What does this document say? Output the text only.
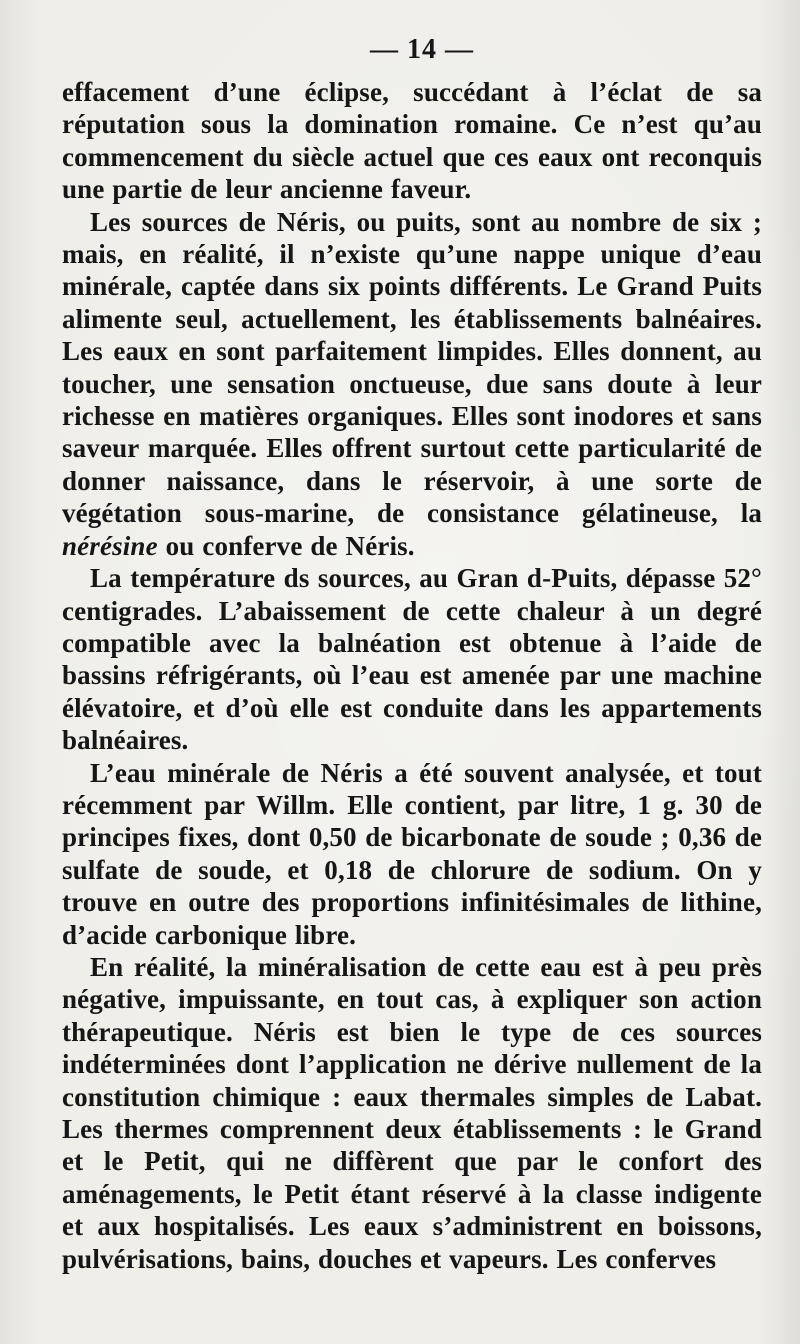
— 14 —

effacement d’une éclipse, succédant à l’éclat de sa réputation sous la domination romaine. Ce n’est qu’au commencement du siècle actuel que ces eaux ont reconquis une partie de leur ancienne faveur.

Les sources de Néris, ou puits, sont au nombre de six ; mais, en réalité, il n’existe qu’une nappe unique d’eau minérale, captée dans six points différents. Le Grand Puits alimente seul, actuellement, les établissements balnéaires. Les eaux en sont parfaitement limpides. Elles donnent, au toucher, une sensation onctueuse, due sans doute à leur richesse en matières organiques. Elles sont inodores et sans saveur marquée. Elles offrent surtout cette particularité de donner naissance, dans le réservoir, à une sorte de végétation sous-marine, de consistance gélatineuse, la nérésine ou conferve de Néris.

La température ds sources, au Gran d-Puits, dépasse 52° centigrades. L’abaissement de cette chaleur à un degré compatible avec la balnéation est obtenue à l’aide de bassins réfrigérants, où l’eau est amenée par une machine élévatoire, et d’où elle est conduite dans les appartements balnéaires.

L’eau minérale de Néris a été souvent analysée, et tout récemment par Willm. Elle contient, par litre, 1 g. 30 de principes fixes, dont 0,50 de bicarbonate de soude ; 0,36 de sulfate de soude, et 0,18 de chlorure de sodium. On y trouve en outre des proportions infinitésimales de lithine, d’acide carbonique libre.

En réalité, la minéralisation de cette eau est à peu près négative, impuissante, en tout cas, à expliquer son action thérapeutique. Néris est bien le type de ces sources indéterminées dont l’application ne dérive nullement de la constitution chimique : eaux thermales simples de Labat. Les thermes comprennent deux établissements : le Grand et le Petit, qui ne diffèrent que par le confort des aménagements, le Petit étant réservé à la classe indigente et aux hospitalisés. Les eaux s’administrent en boissons, pulvérisations, bains, douches et vapeurs. Les conferves
